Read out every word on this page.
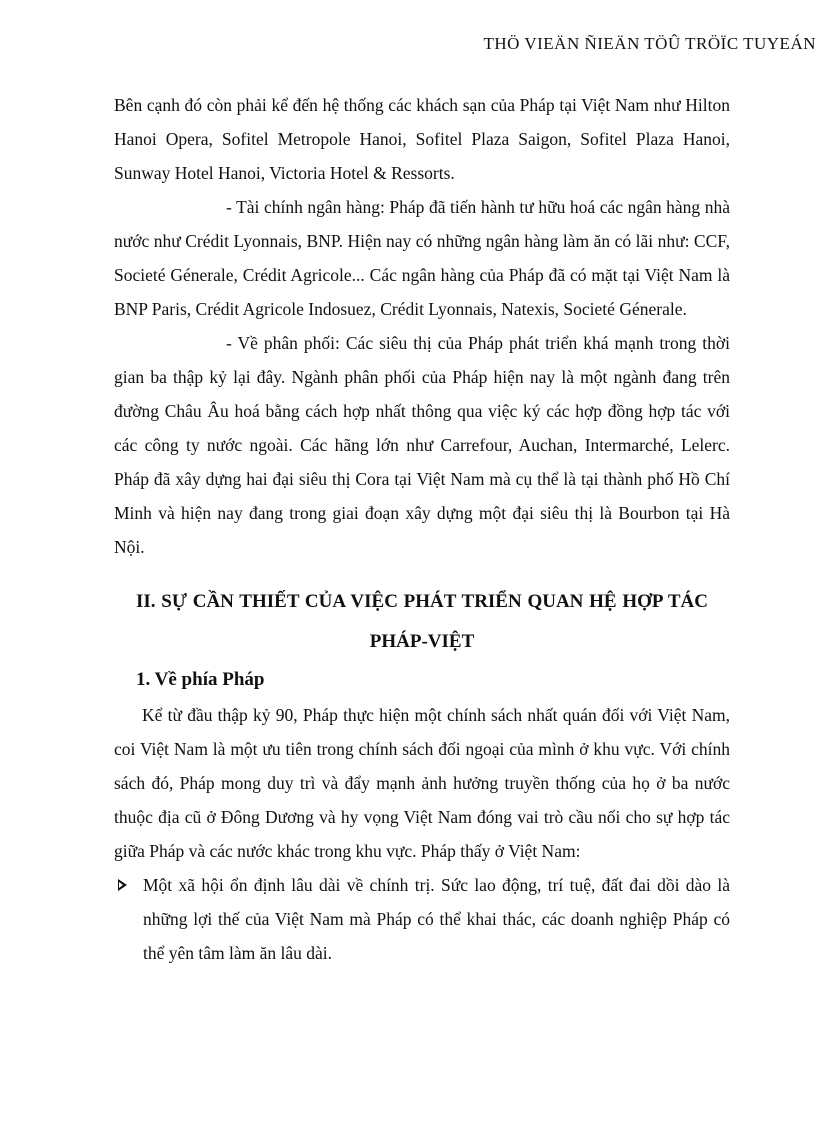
THÖ VIEÄN ÑIEÄN TÖÛ TRÖÏC TUYEÁN

Bên cạnh đó còn phải kể đến hệ thống các khách sạn của Pháp tại Việt Nam như Hilton Hanoi Opera, Sofitel Metropole Hanoi, Sofitel Plaza Saigon, Sofitel Plaza Hanoi, Sunway Hotel Hanoi, Victoria Hotel & Ressorts.

- Tài chính ngân hàng: Pháp đã tiến hành tư hữu hoá các ngân hàng nhà nước như Crédit Lyonnais, BNP. Hiện nay có những ngân hàng làm ăn có lãi như: CCF, Societé Génerale, Crédit Agricole... Các ngân hàng của Pháp đã có mặt tại Việt Nam là BNP Paris, Crédit Agricole Indosuez, Crédit Lyonnais, Natexis, Societé Génerale.

- Về phân phối: Các siêu thị của Pháp phát triển khá mạnh trong thời gian ba thập kỷ lại đây. Ngành phân phối của Pháp hiện nay là một ngành đang trên đường Châu Âu hoá bằng cách hợp nhất thông qua việc ký các hợp đồng hợp tác với các công ty nước ngoài. Các hãng lớn như Carrefour, Auchan, Intermarché, Lelerc. Pháp đã xây dựng hai đại siêu thị Cora tại Việt Nam mà cụ thể là tại thành phố Hồ Chí Minh và hiện nay đang trong giai đoạn xây dựng một đại siêu thị là Bourbon tại Hà Nội.

II. SỰ CẦN THIẾT CỦA VIỆC PHÁT TRIỂN QUAN HỆ HỢP TÁC
PHÁP-VIỆT
1. Về phía Pháp

Kể từ đầu thập kỷ 90, Pháp thực hiện một chính sách nhất quán đối với Việt Nam, coi Việt Nam là một ưu tiên trong chính sách đối ngoại của mình ở khu vực. Với chính sách đó, Pháp mong duy trì và đẩy mạnh ảnh hưởng truyền thống của họ ở ba nước thuộc địa cũ ở Đông Dương và hy vọng Việt Nam đóng vai trò cầu nối cho sự hợp tác giữa Pháp và các nước khác trong khu vực. Pháp thấy ở Việt Nam:

Một xã hội ổn định lâu dài về chính trị. Sức lao động, trí tuệ, đất đai dồi dào là những lợi thế của Việt Nam mà Pháp có thể khai thác, các doanh nghiệp Pháp có thể yên tâm làm ăn lâu dài.
